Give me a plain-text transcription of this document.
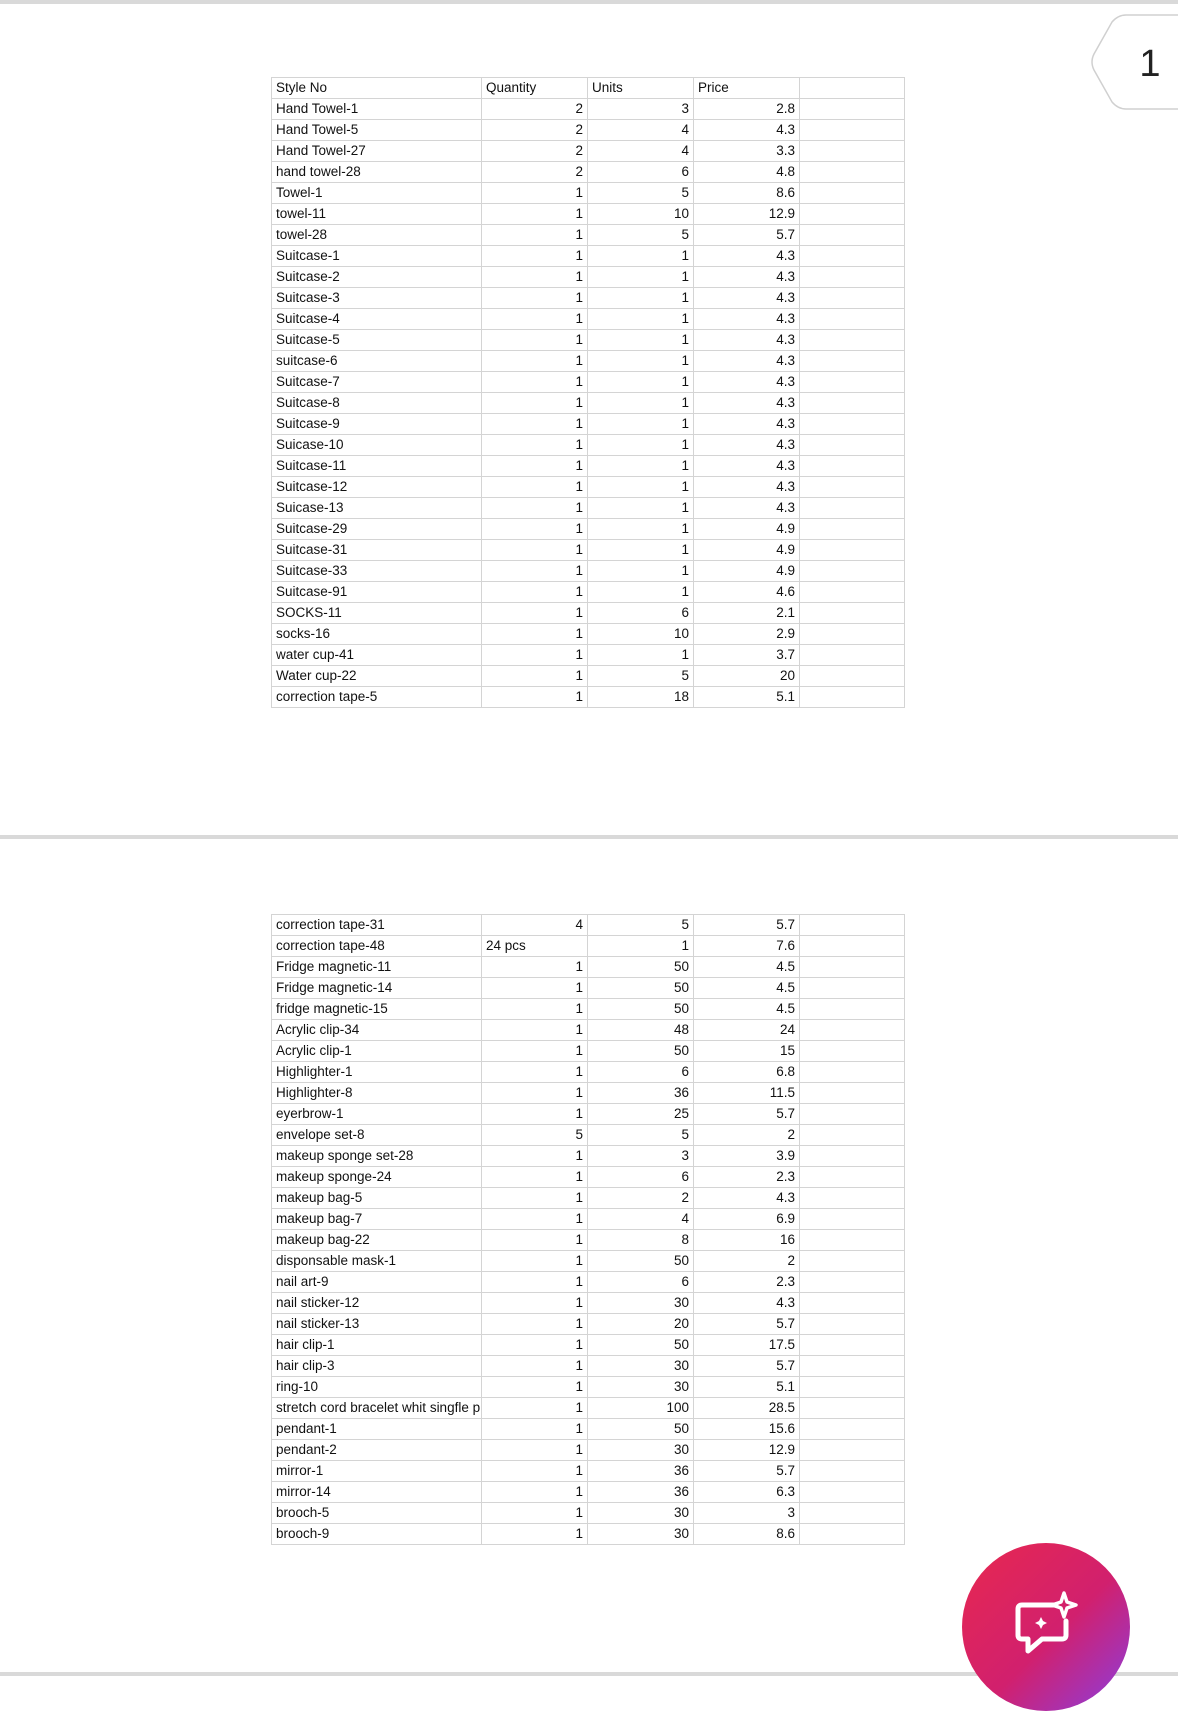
Style No	Quantity	Units	Price	
Hand Towel-1	2	3	2.8	
Hand Towel-5	2	4	4.3	
Hand Towel-27	2	4	3.3	
hand towel-28	2	6	4.8	
Towel-1	1	5	8.6	
towel-11	1	10	12.9	
towel-28	1	5	5.7	
Suitcase-1	1	1	4.3	
Suitcase-2	1	1	4.3	
Suitcase-3	1	1	4.3	
Suitcase-4	1	1	4.3	
Suitcase-5	1	1	4.3	
suitcase-6	1	1	4.3	
Suitcase-7	1	1	4.3	
Suitcase-8	1	1	4.3	
Suitcase-9	1	1	4.3	
Suicase-10	1	1	4.3	
Suitcase-11	1	1	4.3	
Suitcase-12	1	1	4.3	
Suicase-13	1	1	4.3	
Suitcase-29	1	1	4.9	
Suitcase-31	1	1	4.9	
Suitcase-33	1	1	4.9	
Suitcase-91	1	1	4.6	
SOCKS-11	1	6	2.1	
socks-16	1	10	2.9	
water cup-41	1	1	3.7	
Water cup-22	1	5	20	
correction tape-5	1	18	5.1	
correction tape-31	4	5	5.7	
correction tape-48	24 pcs	1	7.6	
Fridge magnetic-11	1	50	4.5	
Fridge magnetic-14	1	50	4.5	
fridge magnetic-15	1	50	4.5	
Acrylic clip-34	1	48	24	
Acrylic clip-1	1	50	15	
Highlighter-1	1	6	6.8	
Highlighter-8	1	36	11.5	
eyerbrow-1	1	25	5.7	
envelope set-8	5	5	2	
makeup sponge set-28	1	3	3.9	
makeup sponge-24	1	6	2.3	
makeup bag-5	1	2	4.3	
makeup bag-7	1	4	6.9	
makeup bag-22	1	8	16	
disponsable mask-1	1	50	2	
nail art-9	1	6	2.3	
nail sticker-12	1	30	4.3	
nail sticker-13	1	20	5.7	
hair clip-1	1	50	17.5	
hair clip-3	1	30	5.7	
ring-10	1	30	5.1	
stretch cord bracelet whit singfle p	1	100	28.5	
pendant-1	1	50	15.6	
pendant-2	1	30	12.9	
mirror-1	1	36	5.7	
mirror-14	1	36	6.3	
brooch-5	1	30	3	
brooch-9	1	30	8.6	
1
